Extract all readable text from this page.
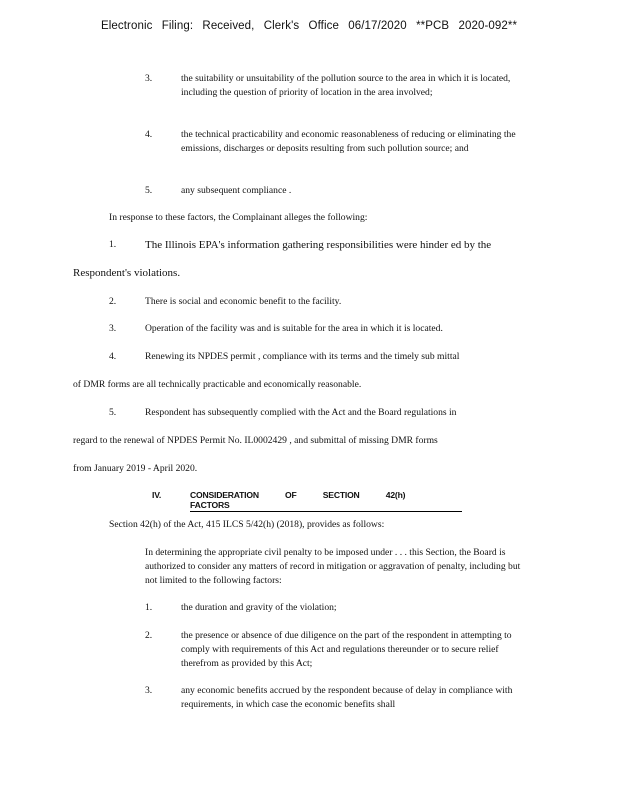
Electronic Filing: Received, Clerk's Office 06/17/2020 **PCB 2020-092**
3.	the suitability or unsuitability of the pollution source to the area in which it is located, including the question of priority of location in the area involved;
4.	the technical practicability and economic reasonableness of reducing or eliminating the emissions, discharges or deposits resulting from such pollution source; and
5.	any subsequent compliance .
In response to these factors, the Complainant alleges the following:
1.	The Illinois EPA's information gathering responsibilities were hinder ed by the
Respondent's violations.
2.	There is social and economic benefit to the facility.
3.	Operation of the facility was and is suitable for the area in which it is located.
4.	Renewing its NPDES permit , compliance with its terms and the timely sub mittal
of DMR forms are all technically practicable and economically reasonable.
5.	Respondent has subsequently complied with the Act and the Board regulations in
regard to the renewal of NPDES Permit No. IL0002429 , and submittal of missing DMR forms
from January 2019 - April 2020.
IV.	CONSIDERATION OF SECTION 42(h) FACTORS
Section 42(h) of the Act, 415 ILCS 5/42(h) (2018), provides as follows:
In determining the appropriate civil penalty to be imposed under . . . this Section, the Board is authorized to consider any matters of record in mitigation or aggravation of penalty, including but not limited to the following factors:
1.	the duration and gravity of the violation;
2.	the presence or absence of due diligence on the part of the respondent in attempting to comply with requirements of this Act and regulations thereunder or to secure relief therefrom as provided by this Act;
3.	any economic benefits accrued by the respondent because of delay in compliance with requirements, in which case the economic benefits shall
